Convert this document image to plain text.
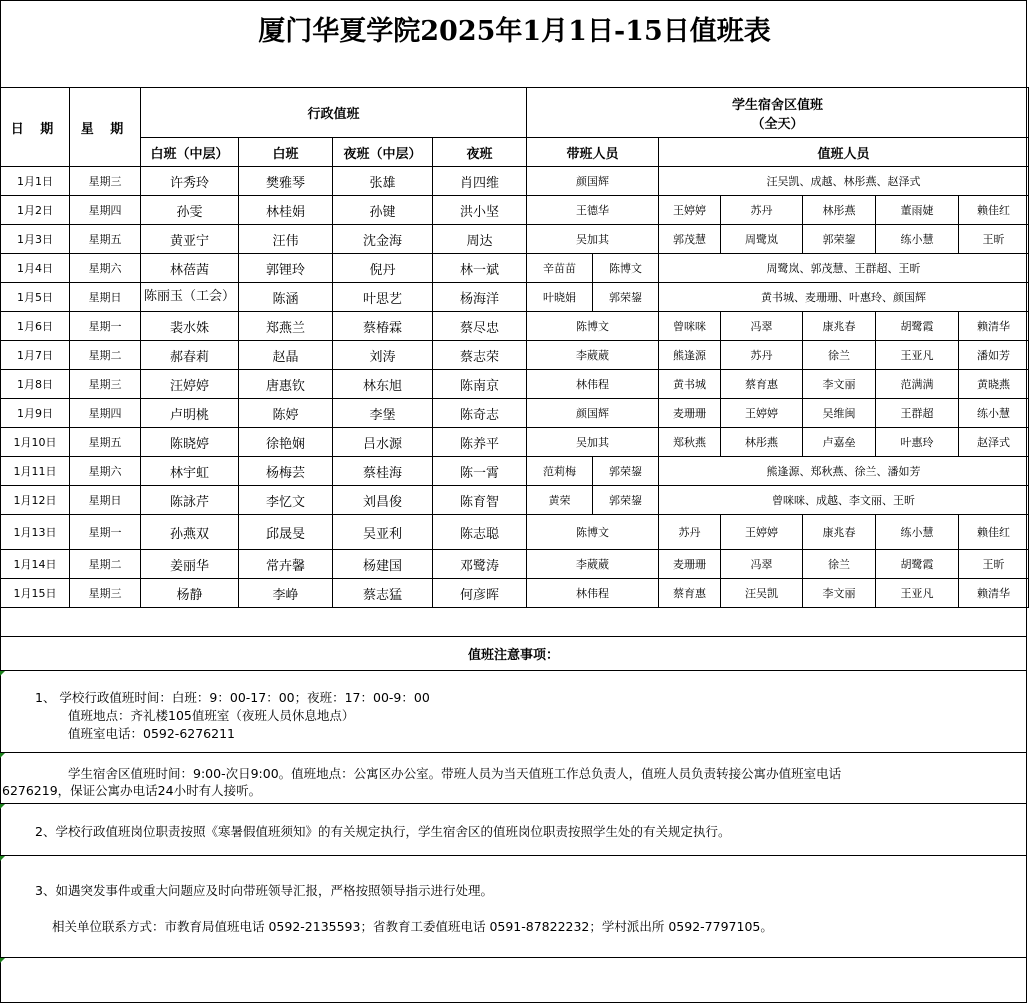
厦门华夏学院2025年1月1日-15日值班表
日 期	星 期	行政值班				学生宿舍区值班
（全天）						

		白班（中层）	白班	夜班（中层）	夜班	带班人员		值班人员				
1月1日	星期三	许秀玲	樊雅琴	张雄	肖四维	颜国辉		汪吴凯、成越、林彤燕、赵泽式				
1月2日	星期四	孙雯	林桂娟	孙键	洪小坚	王德华		王婷婷	苏丹	林彤燕	董雨婕	赖佳红
1月3日	星期五	黄亚宁	汪伟	沈金海	周达	吴加其		郭茂慧	周鹭岚	郭荣鋆	练小慧	王昕
1月4日	星期六	林蓓茜	郭锂玲	倪丹	林一斌	辛苗苗	陈博文	周鹭岚、郭茂慧、王群超、王昕				
1月5日	星期日	陈丽玉（工会）	陈涵	叶思艺	杨海洋	叶晓娟	郭荣鋆	黄书城、麦珊珊、叶惠玲、颜国辉				
1月6日	星期一	裴水姝	郑燕兰	蔡椿霖	蔡尽忠	陈博文		曾咪咪	冯翠	康兆春	胡鹭霞	赖清华
1月7日	星期二	郝春莉	赵晶	刘涛	蔡志荣	李葳葳		熊逢源	苏丹	徐兰	王亚凡	潘如芳
1月8日	星期三	汪婷婷	唐惠钦	林东旭	陈南京	林伟程		黄书城	蔡育惠	李文丽	范满满	黄晓燕
1月9日	星期四	卢明桃	陈婷	李堡	陈奇志	颜国辉		麦珊珊	王婷婷	吴维闽	王群超	练小慧
1月10日	星期五	陈晓婷	徐艳娴	吕水源	陈养平	吴加其		郑秋燕	林彤燕	卢嘉垒	叶惠玲	赵泽式
1月11日	星期六	林宇虹	杨梅芸	蔡桂海	陈一霄	范莉梅	郭荣鋆	熊逢源、郑秋燕、徐兰、潘如芳				
1月12日	星期日	陈詠芹	李忆文	刘昌俊	陈育智	黄荣	郭荣鋆	曾咪咪、成越、李文丽、王昕				
1月13日	星期一	孙燕双	邱晟旻	吴亚利	陈志聪	陈博文		苏丹	王婷婷	康兆春	练小慧	赖佳红
1月14日	星期二	姜丽华	常卉馨	杨建国	邓鹭涛	李葳葳		麦珊珊	冯翠	徐兰	胡鹭霞	王昕
1月15日	星期三	杨静	李峥	蔡志猛	何彦晖	林伟程		蔡育惠	汪吴凯	李文丽	王亚凡	赖清华
值班注意事项：
1、 学校行政值班时间：白班：9：00-17：00；夜班：17：00-9：00
值班地点：齐礼楼105值班室（夜班人员休息地点）
值班室电话：0592-6276211
学生宿舍区值班时间：9:00-次日9:00。值班地点：公寓区办公室。带班人员为当天值班工作总负责人，值班人员负责转接公寓办值班室电话
6276219，保证公寓办电话24小时有人接听。
2、学校行政值班岗位职责按照《寒暑假值班须知》的有关规定执行，学生宿舍区的值班岗位职责按照学生处的有关规定执行。
3、如遇突发事件或重大问题应及时向带班领导汇报，严格按照领导指示进行处理。
相关单位联系方式：市教育局值班电话 0592-2135593；省教育工委值班电话 0591-87822232；学村派出所 0592-7797105。
